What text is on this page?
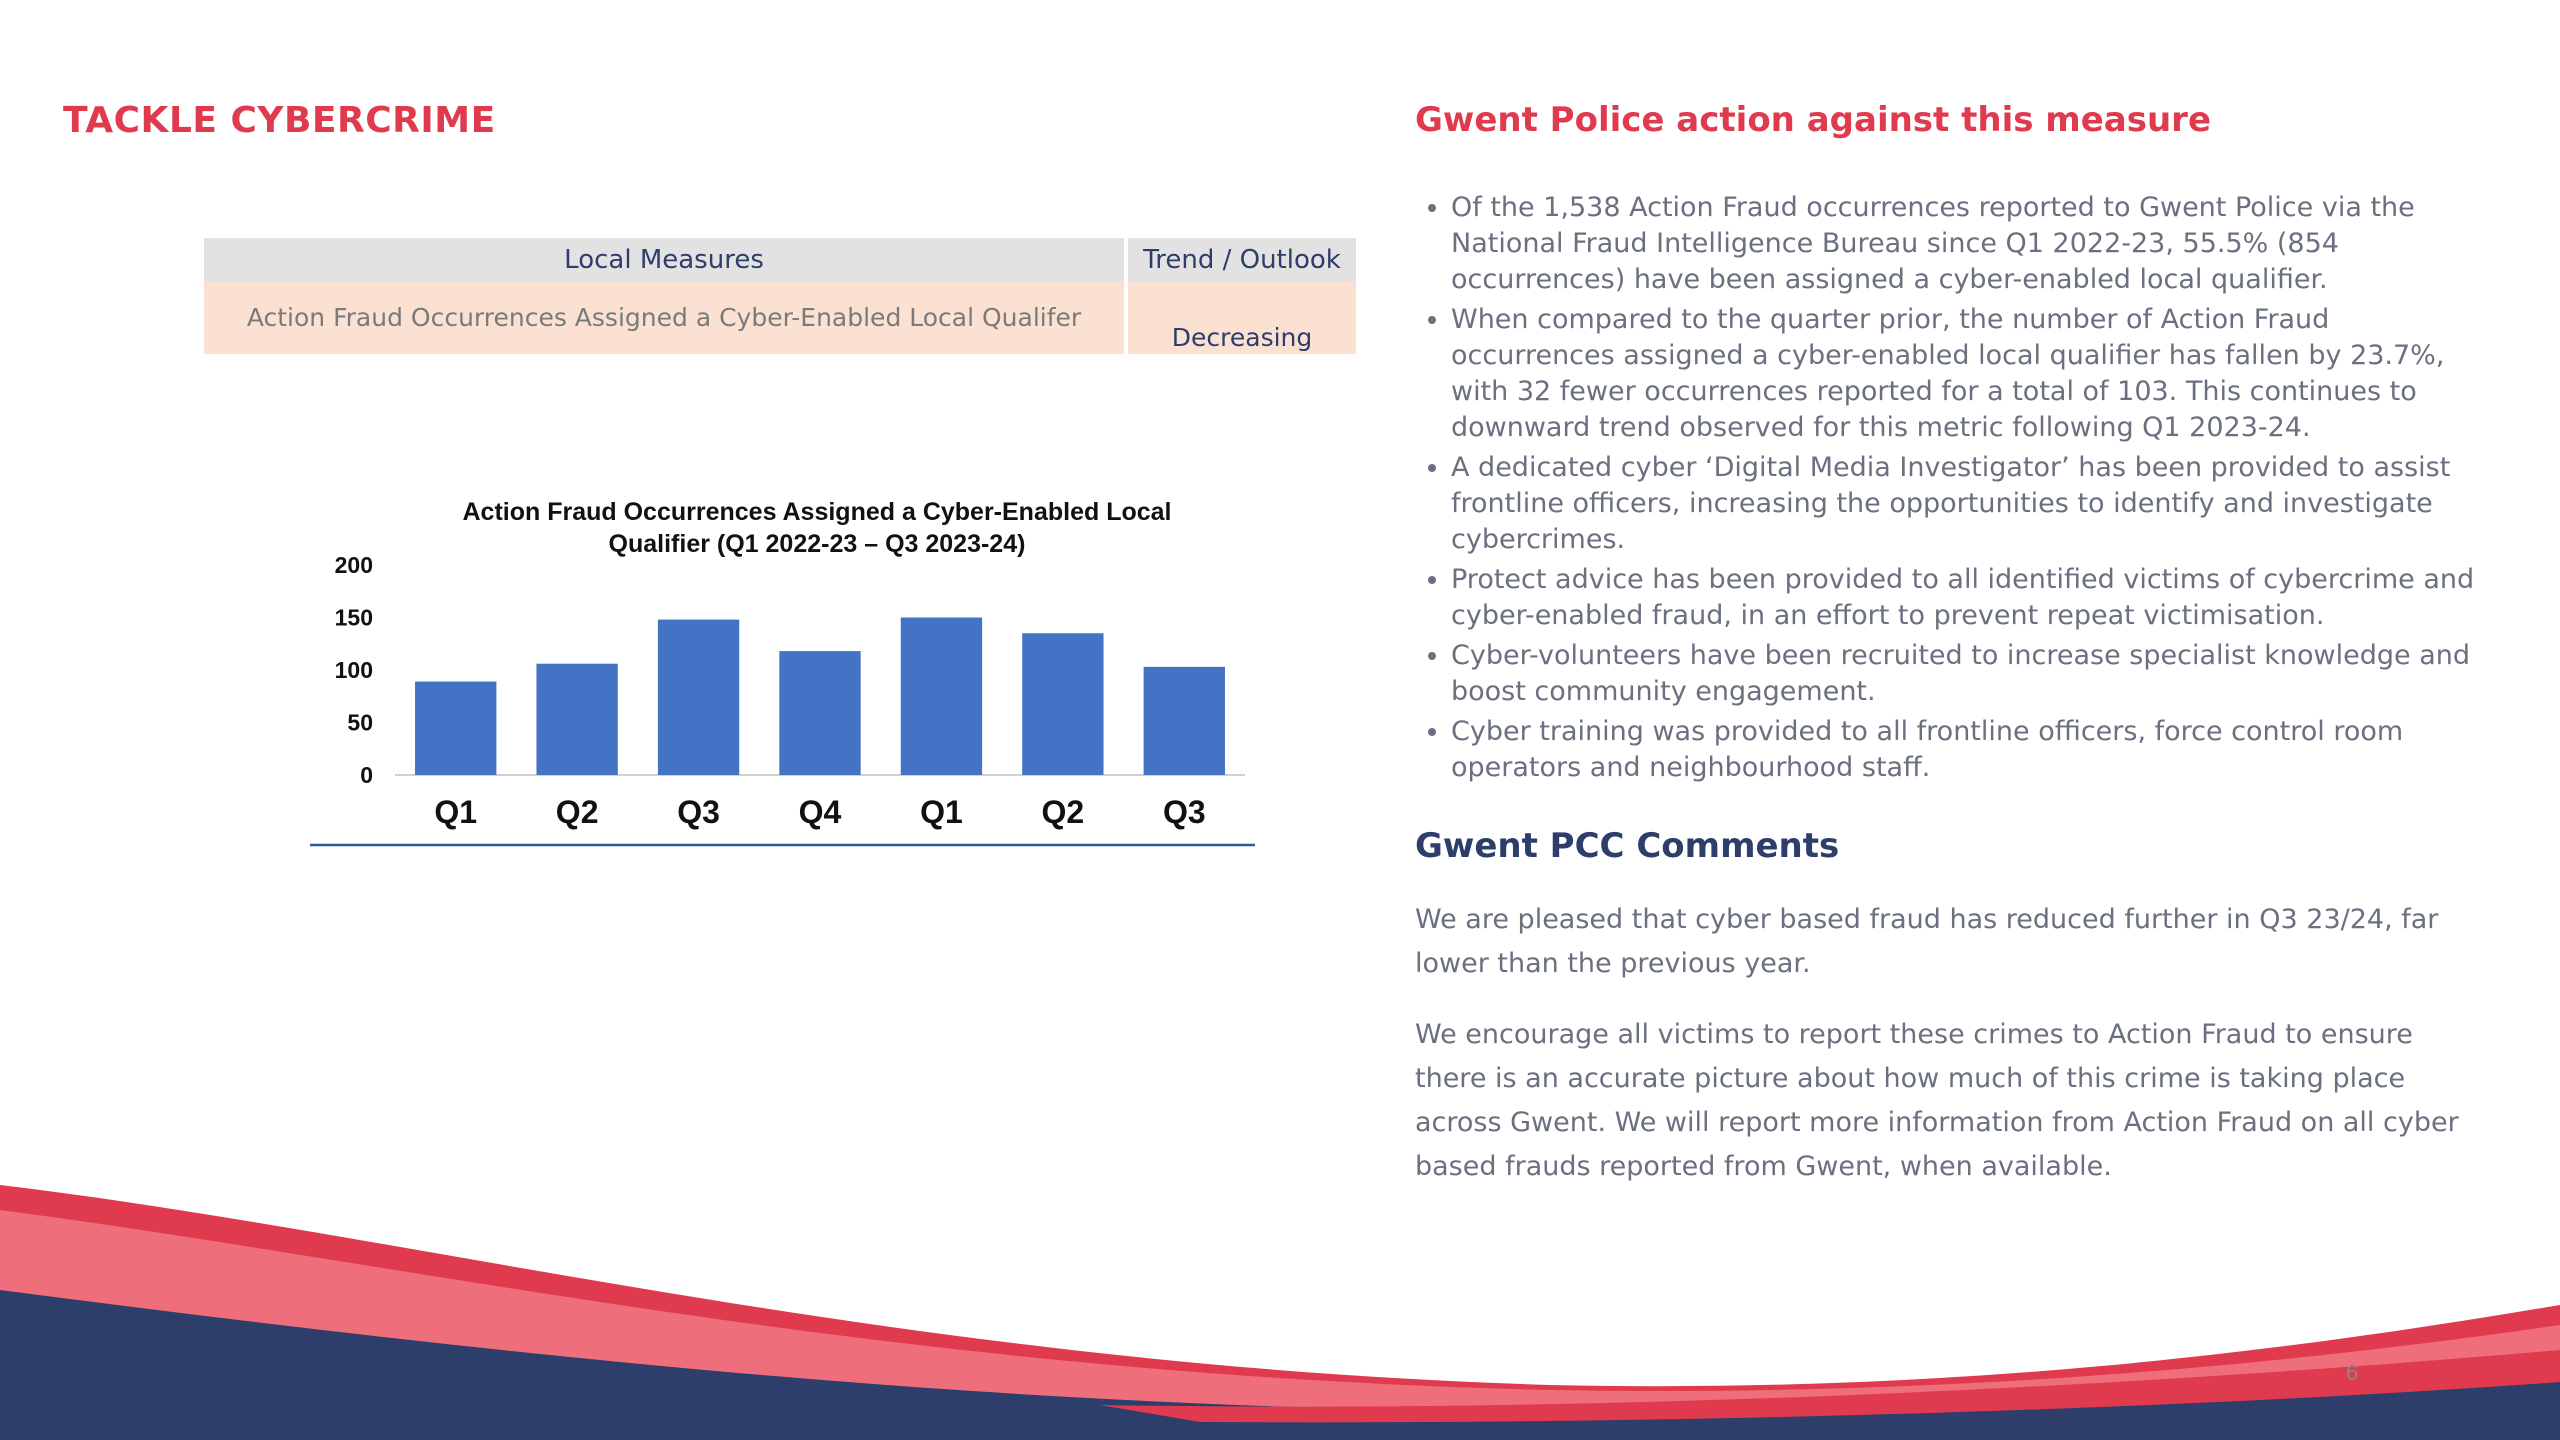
TACKLE CYBERCRIME
Local Measures	Trend / Outlook
Action Fraud Occurrences Assigned a Cyber-Enabled Local Qualifer	Decreasing
Action Fraud Occurrences Assigned a Cyber-Enabled Local
Qualifier (Q1 2022-23 – Q3 2023-24)
200
150
100
50
0
Q1 Q2 Q3 Q4 Q1 Q2 Q3
Gwent Police action against this measure
• Of the 1,538 Action Fraud occurrences reported to Gwent Police via the National Fraud Intelligence Bureau since Q1 2022-23, 55.5% (854 occurrences) have been assigned a cyber-enabled local qualifier.
• When compared to the quarter prior, the number of Action Fraud occurrences assigned a cyber-enabled local qualifier has fallen by 23.7%, with 32 fewer occurrences reported for a total of 103. This continues to downward trend observed for this metric following Q1 2023-24.
• A dedicated cyber ‘Digital Media Investigator’ has been provided to assist frontline officers, increasing the opportunities to identify and investigate cybercrimes.
• Protect advice has been provided to all identified victims of cybercrime and cyber-enabled fraud, in an effort to prevent repeat victimisation.
• Cyber-volunteers have been recruited to increase specialist knowledge and boost community engagement.
• Cyber training was provided to all frontline officers, force control room operators and neighbourhood staff.
Gwent PCC Comments

We are pleased that cyber based fraud has reduced further in Q3 23/24, far lower than the previous year.

We encourage all victims to report these crimes to Action Fraud to ensure there is an accurate picture about how much of this crime is taking place across Gwent. We will report more information from Action Fraud on all cyber based frauds reported from Gwent, when available.

6
